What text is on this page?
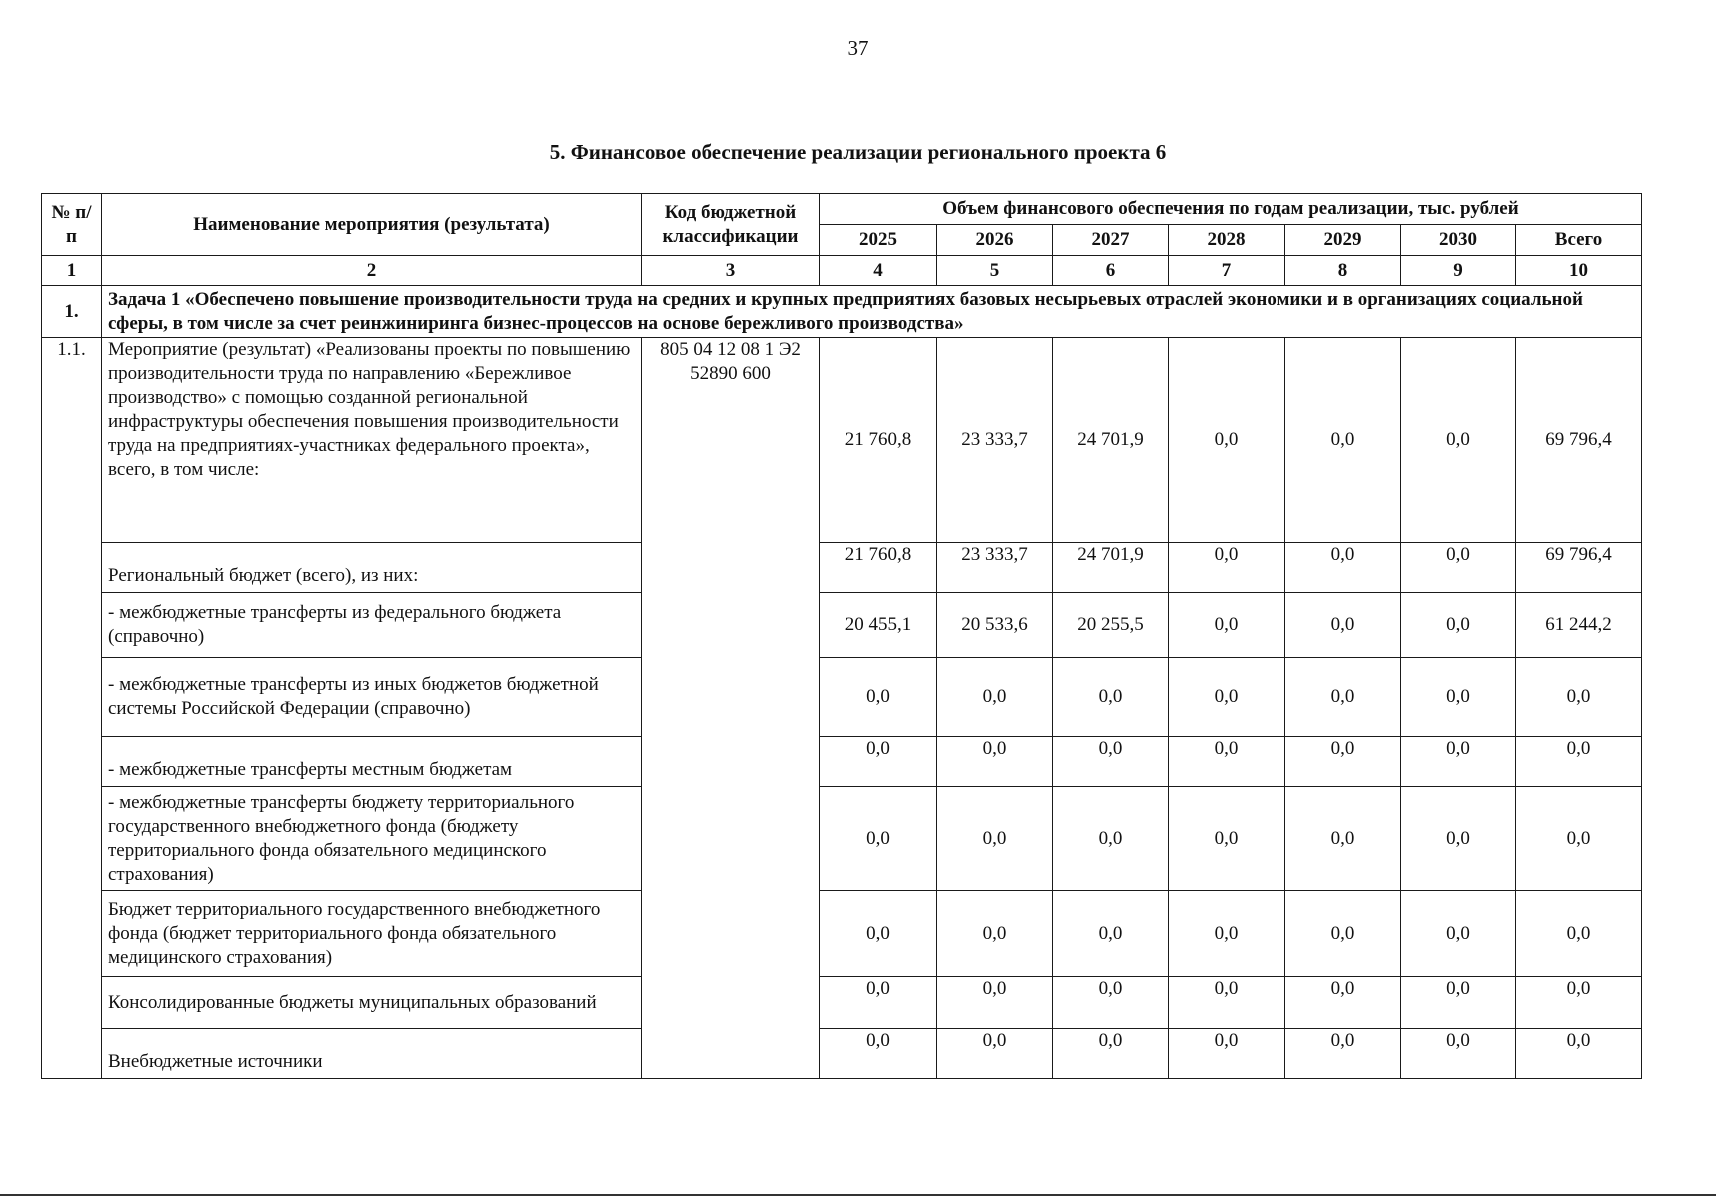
37
5. Финансовое обеспечение реализации регионального проекта 6
№ п/п	Наименование мероприятия (результата)	Код бюджетной классификации	Объем финансового обеспечения по годам реализации, тыс. рублей						
			2025	2026	2027	2028	2029	2030	Всего
1	2	3	4	5	6	7	8	9	10
1.	Задача 1 «Обеспечено повышение производительности труда на средних и крупных предприятиях базовых несырьевых отраслей экономики и в организациях социальной сферы, в том числе за счет реинжиниринга бизнес-процессов на основе бережливого производства»								
1.1.	Мероприятие (результат) «Реализованы проекты по повышению производительности труда по направлению «Бережливое производство» с помощью созданной региональной инфраструктуры обеспечения повышения производительности труда на предприятиях-участниках федерального проекта», всего, в том числе:	805 04 12 08 1 Э2 52890 600	21 760,8	23 333,7	24 701,9	0,0	0,0	0,0	69 796,4
	Региональный бюджет (всего), из них:		21 760,8	23 333,7	24 701,9	0,0	0,0	0,0	69 796,4
	- межбюджетные трансферты из федерального бюджета (справочно)		20 455,1	20 533,6	20 255,5	0,0	0,0	0,0	61 244,2
	- межбюджетные трансферты из иных бюджетов бюджетной системы Российской Федерации (справочно)		0,0	0,0	0,0	0,0	0,0	0,0	0,0
	- межбюджетные трансферты местным бюджетам		0,0	0,0	0,0	0,0	0,0	0,0	0,0
	- межбюджетные трансферты бюджету территориального государственного внебюджетного фонда (бюджету территориального фонда обязательного медицинского страхования)		0,0	0,0	0,0	0,0	0,0	0,0	0,0
	Бюджет территориального государственного внебюджетного фонда (бюджет территориального фонда обязательного медицинского страхования)		0,0	0,0	0,0	0,0	0,0	0,0	0,0
	Консолидированные бюджеты муниципальных образований		0,0	0,0	0,0	0,0	0,0	0,0	0,0
	Внебюджетные источники		0,0	0,0	0,0	0,0	0,0	0,0	0,0
